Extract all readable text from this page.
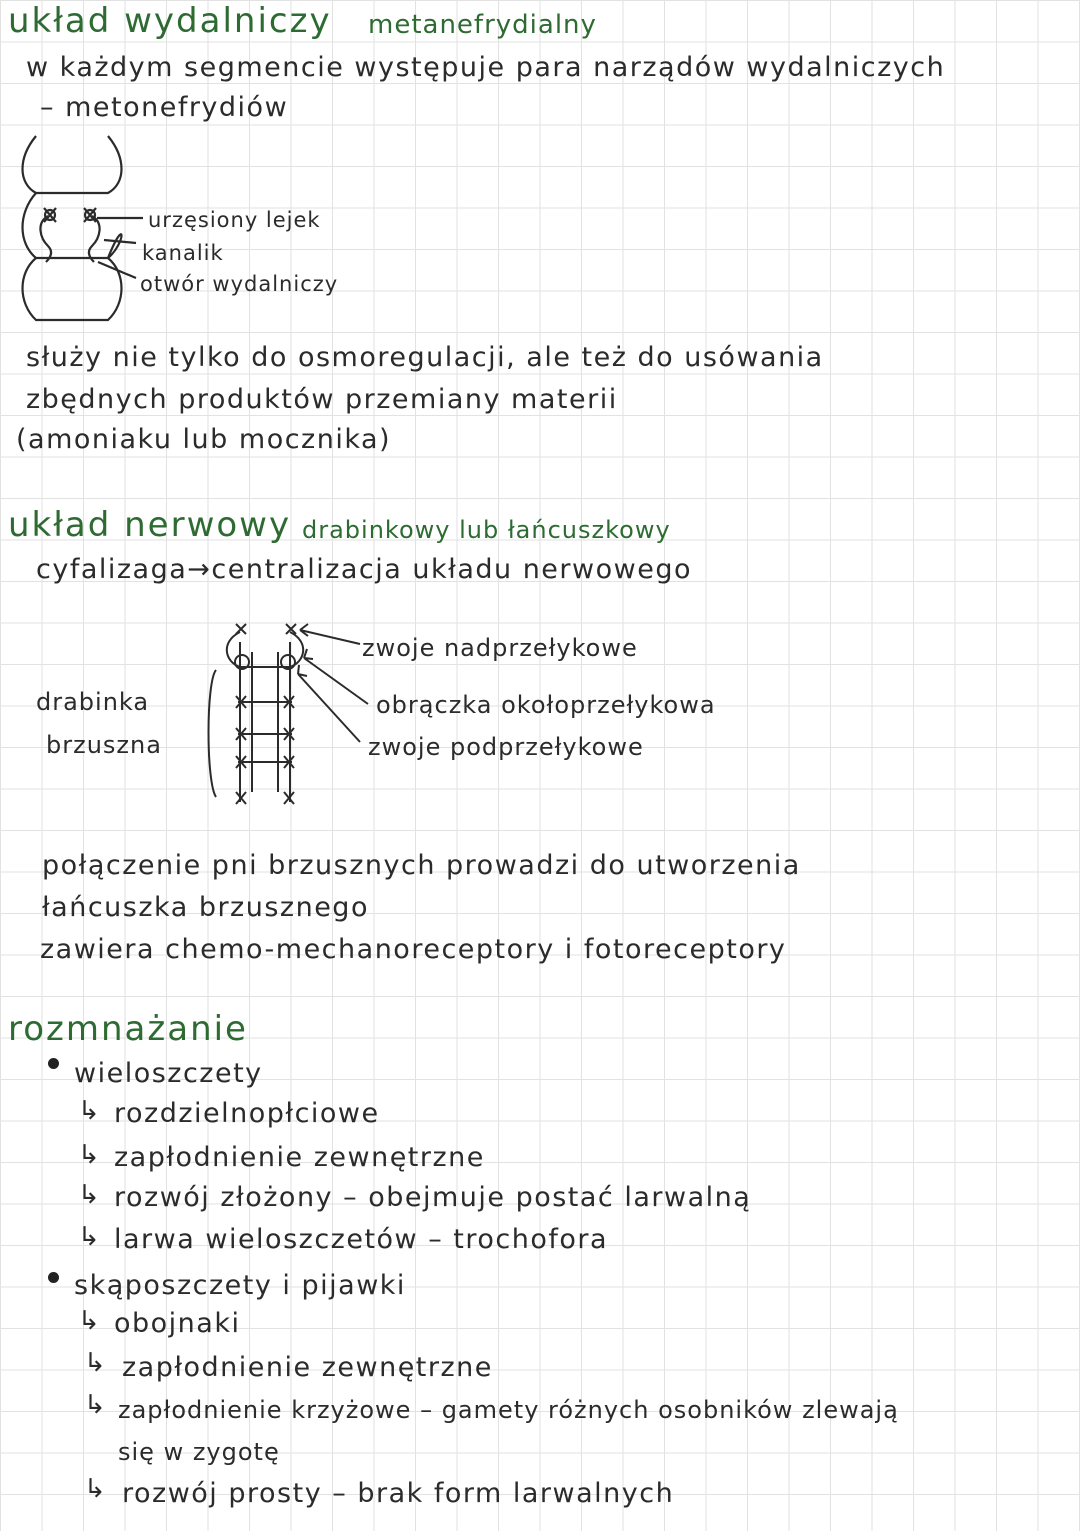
układ wydalniczy metanefrydialny
w każdym segmencie występuje para narządów wydalniczych
– metonefrydiów
urzęsiony lejek
kanalik
otwór wydalniczy
służy nie tylko do osmoregulacji, ale też do usówania
zbędnych produktów przemiany materii
(amoniaku lub mocznika)
układ nerwowy drabinkowy lub łańcuszkowy
cyfalizaga→centralizacja układu nerwowego
drabinka
brzuszna
zwoje nadprzełykowe
obrączka okołoprzełykowa
zwoje podprzełykowe
połączenie pni brzusznych prowadzi do utworzenia
łańcuszka brzusznego
zawiera chemo-mechanoreceptory i fotoreceptory
rozmnażanie
wieloszczety
↳ rozdzielnopłciowe
↳ zapłodnienie zewnętrzne
↳ rozwój złożony – obejmuje postać larwalną
↳ larwa wieloszczetów – trochofora
skąposzczety i pijawki
↳ obojnaki
↳ zapłodnienie zewnętrzne
↳ zapłodnienie krzyżowe – gamety różnych osobników zlewają
się w zygotę
↳ rozwój prosty – brak form larwalnych
